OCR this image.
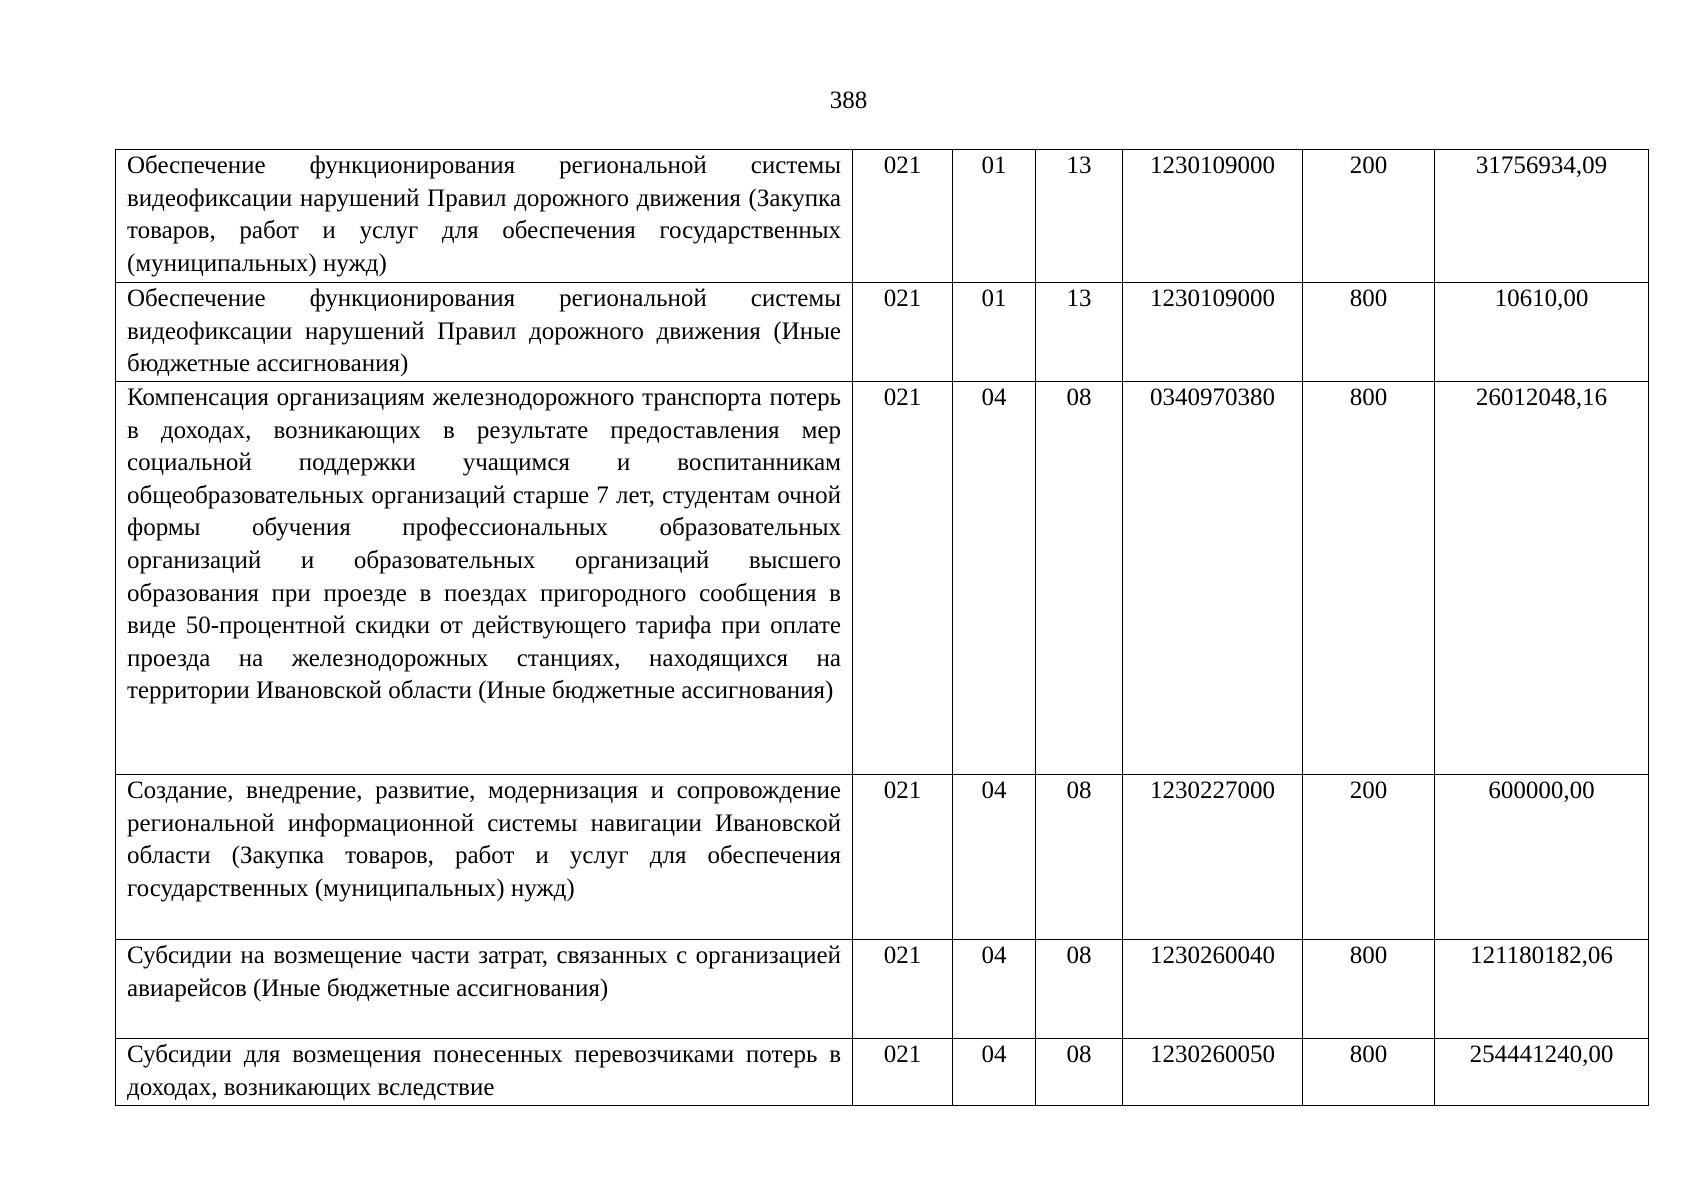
388
Обеспечение функционирования региональной системы видеофиксации нарушений Правил дорожного движения (Закупка товаров, работ и услуг для обеспечения государственных (муниципальных) нужд)	021	01	13	1230109000	200	31756934,09
Обеспечение функционирования региональной системы видеофиксации нарушений Правил дорожного движения (Иные бюджетные ассигнования)	021	01	13	1230109000	800	10610,00
Компенсация организациям железнодорожного транспорта потерь в доходах, возникающих в результате предоставления мер социальной поддержки учащимся и воспитанникам общеобразовательных организаций старше 7 лет, студентам очной формы обучения профессиональных образовательных организаций и образовательных организаций высшего образования при проезде в поездах пригородного сообщения в виде 50-процентной скидки от действующего тарифа при оплате проезда на железнодорожных станциях, находящихся на территории Ивановской области (Иные бюджетные ассигнования)	021	04	08	0340970380	800	26012048,16
Создание, внедрение, развитие, модернизация и сопровождение региональной информационной системы навигации Ивановской области (Закупка товаров, работ и услуг для обеспечения государственных (муниципальных) нужд)	021	04	08	1230227000	200	600000,00
Субсидии на возмещение части затрат, связанных с организацией авиарейсов (Иные бюджетные ассигнования)	021	04	08	1230260040	800	121180182,06
Субсидии для возмещения понесенных перевозчиками потерь в доходах, возникающих вследствие	021	04	08	1230260050	800	254441240,00
